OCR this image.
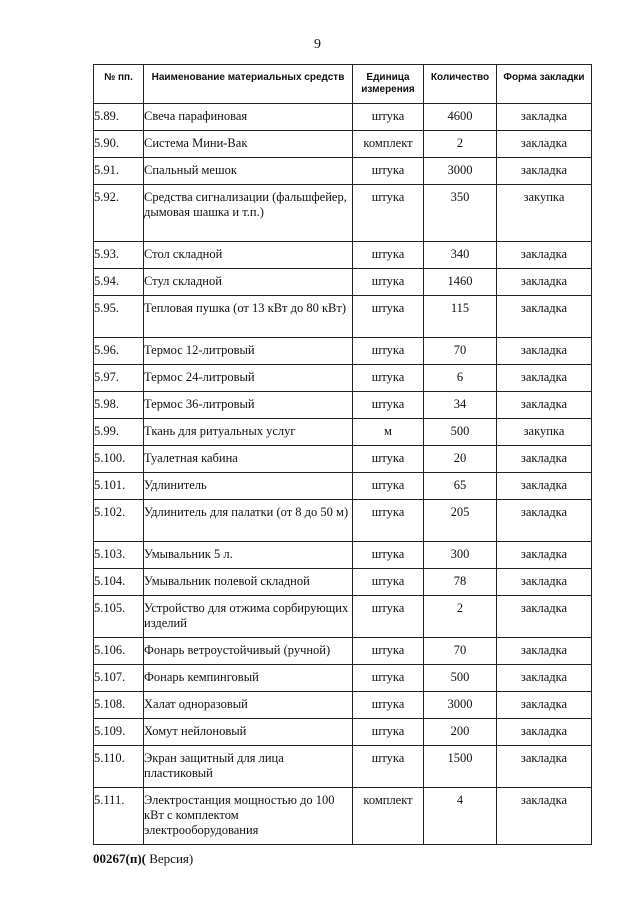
9
№ пп.	Наименование материальных средств	Единица измерения	Количество	Форма закладки
5.89.	Свеча парафиновая	штука	4600	закладка
5.90.	Система Мини-Вак	комплект	2	закладка
5.91.	Спальный мешок	штука	3000	закладка
5.92.	Средства сигнализации (фальшфейер, дымовая шашка и т.п.)	штука	350	закупка
5.93.	Стол складной	штука	340	закладка
5.94.	Стул складной	штука	1460	закладка
5.95.	Тепловая пушка (от 13 кВт до 80 кВт)	штука	115	закладка
5.96.	Термос 12-литровый	штука	70	закладка
5.97.	Термос 24-литровый	штука	6	закладка
5.98.	Термос 36-литровый	штука	34	закладка
5.99.	Ткань для ритуальных услуг	м	500	закупка
5.100.	Туалетная кабина	штука	20	закладка
5.101.	Удлинитель	штука	65	закладка
5.102.	Удлинитель для палатки (от 8 до 50 м)	штука	205	закладка
5.103.	Умывальник 5 л.	штука	300	закладка
5.104.	Умывальник полевой складной	штука	78	закладка
5.105.	Устройство для отжима сорбирующих изделий	штука	2	закладка
5.106.	Фонарь ветроустойчивый (ручной)	штука	70	закладка
5.107.	Фонарь кемпинговый	штука	500	закладка
5.108.	Халат одноразовый	штука	3000	закладка
5.109.	Хомут нейлоновый	штука	200	закладка
5.110.	Экран защитный для лица пластиковый	штука	1500	закладка
5.111.	Электростанция мощностью до 100 кВт с комплектом электрооборудования	комплект	4	закладка
00267(п)( Версия)
